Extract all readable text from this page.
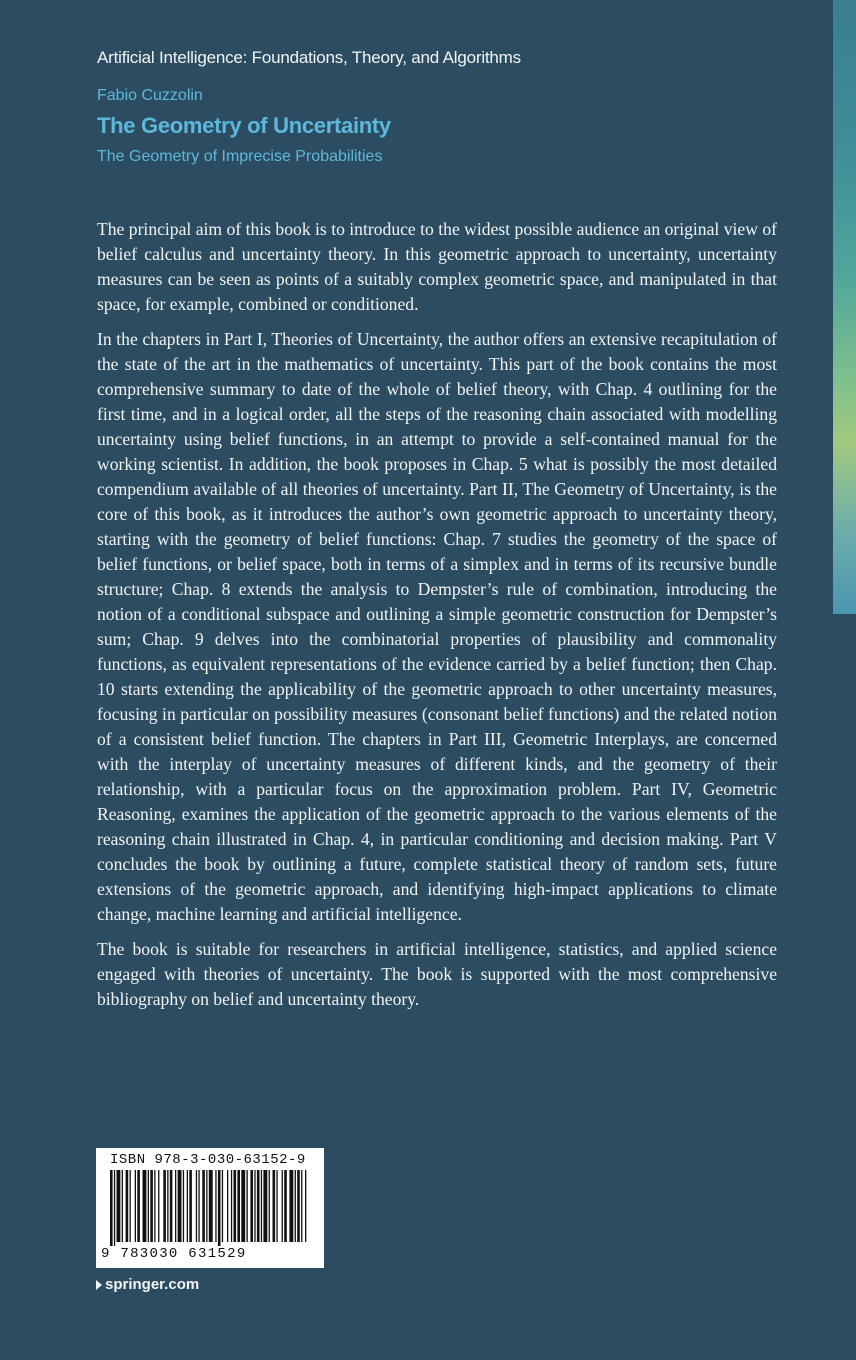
Artificial Intelligence: Foundations, Theory, and Algorithms
Fabio Cuzzolin
The Geometry of Uncertainty
The Geometry of Imprecise Probabilities

The principal aim of this book is to introduce to the widest possible audience an original view of belief calculus and uncertainty theory. In this geometric approach to uncertainty, uncertainty measures can be seen as points of a suitably complex geometric space, and manipulated in that space, for example, combined or conditioned.

In the chapters in Part I, Theories of Uncertainty, the author offers an extensive recapitulation of the state of the art in the mathematics of uncertainty. This part of the book contains the most comprehensive summary to date of the whole of belief theory, with Chap. 4 outlining for the first time, and in a logical order, all the steps of the reasoning chain associated with modelling uncertainty using belief functions, in an attempt to provide a self-contained manual for the working scientist. In addition, the book proposes in Chap. 5 what is possibly the most detailed compendium available of all theories of uncertainty. Part II, The Geometry of Uncertainty, is the core of this book, as it introduces the author’s own geometric approach to uncertainty theory, starting with the geometry of belief functions: Chap. 7 studies the geometry of the space of belief functions, or belief space, both in terms of a simplex and in terms of its recursive bundle structure; Chap. 8 extends the analysis to Dempster’s rule of combination, introducing the notion of a conditional subspace and outlining a simple geometric construction for Dempster’s sum; Chap. 9 delves into the combinatorial properties of plausibility and commonality functions, as equivalent representations of the evidence carried by a belief function; then Chap. 10 starts extending the applicability of the geometric approach to other uncertainty measures, focusing in particular on possibility measures (consonant belief functions) and the related notion of a consistent belief function. The chapters in Part III, Geometric Interplays, are concerned with the interplay of uncertainty measures of different kinds, and the geometry of their relationship, with a particular focus on the approximation problem. Part IV, Geometric Reasoning, examines the application of the geometric approach to the various elements of the reasoning chain illustrated in Chap. 4, in particular conditioning and decision making. Part V concludes the book by outlining a future, complete statistical theory of random sets, future extensions of the geometric approach, and identifying high-impact applications to climate change, machine learning and artificial intelligence.

The book is suitable for researchers in artificial intelligence, statistics, and applied science engaged with theories of uncertainty. The book is supported with the most comprehensive bibliography on belief and uncertainty theory.

ISBN 978-3-030-63152-9
9 783030 631529
springer.com
